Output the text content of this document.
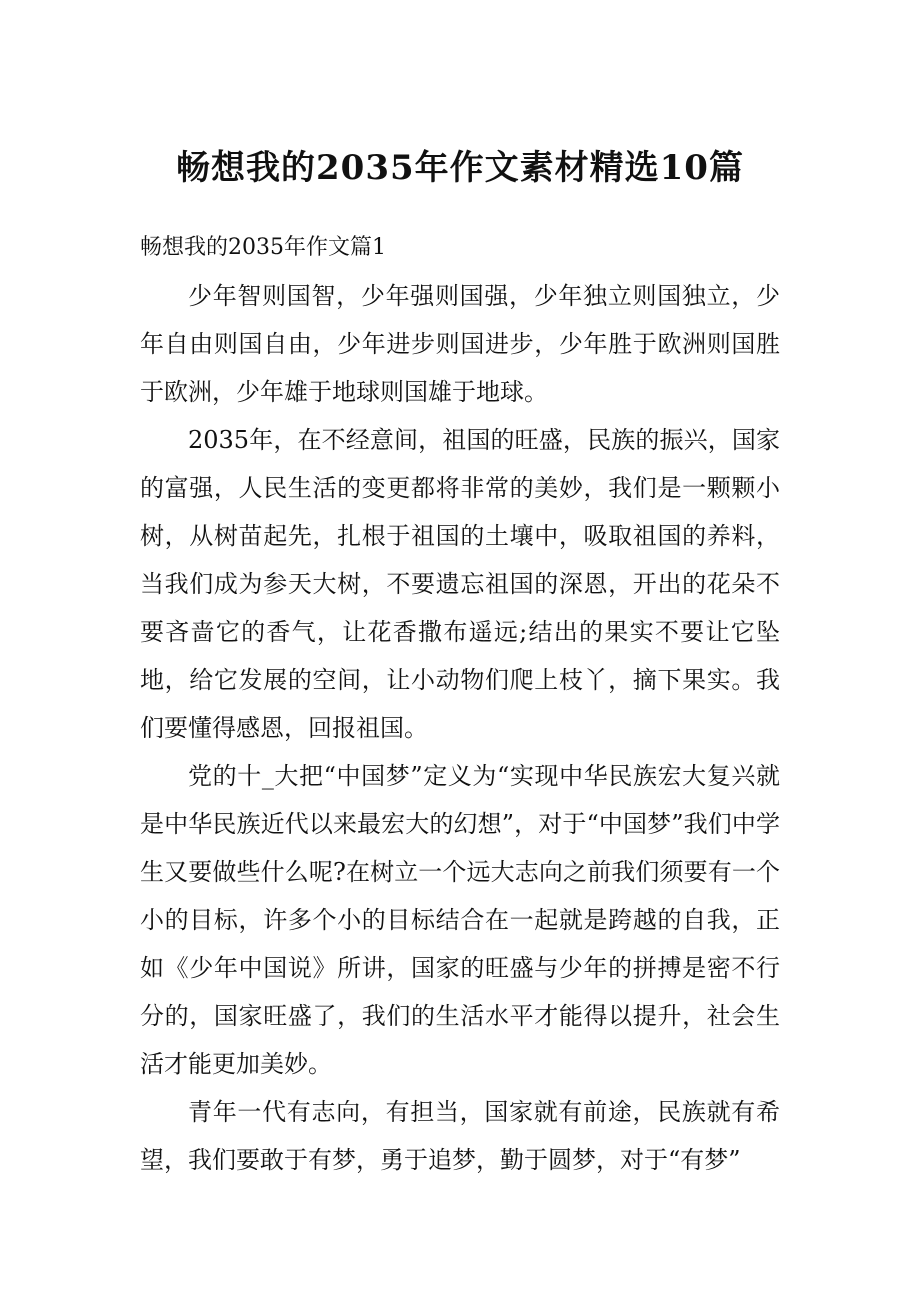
畅想我的2035年作文素材精选10篇
畅想我的2035年作文篇1

少年智则国智，少年强则国强，少年独立则国独立，少年自由则国自由，少年进步则国进步，少年胜于欧洲则国胜于欧洲，少年雄于地球则国雄于地球。

2035年，在不经意间，祖国的旺盛，民族的振兴，国家的富强，人民生活的变更都将非常的美妙，我们是一颗颗小树，从树苗起先，扎根于祖国的土壤中，吸取祖国的养料，当我们成为参天大树，不要遗忘祖国的深恩，开出的花朵不要吝啬它的香气，让花香撒布遥远;结出的果实不要让它坠地，给它发展的空间，让小动物们爬上枝丫，摘下果实。我们要懂得感恩，回报祖国。

党的十_大把“中国梦”定义为“实现中华民族宏大复兴就是中华民族近代以来最宏大的幻想”，对于“中国梦”我们中学生又要做些什么呢?在树立一个远大志向之前我们须要有一个小的目标，许多个小的目标结合在一起就是跨越的自我，正如《少年中国说》所讲，国家的旺盛与少年的拼搏是密不行分的，国家旺盛了，我们的生活水平才能得以提升，社会生活才能更加美妙。

青年一代有志向，有担当，国家就有前途，民族就有希望，我们要敢于有梦，勇于追梦，勤于圆梦，对于“有梦”
